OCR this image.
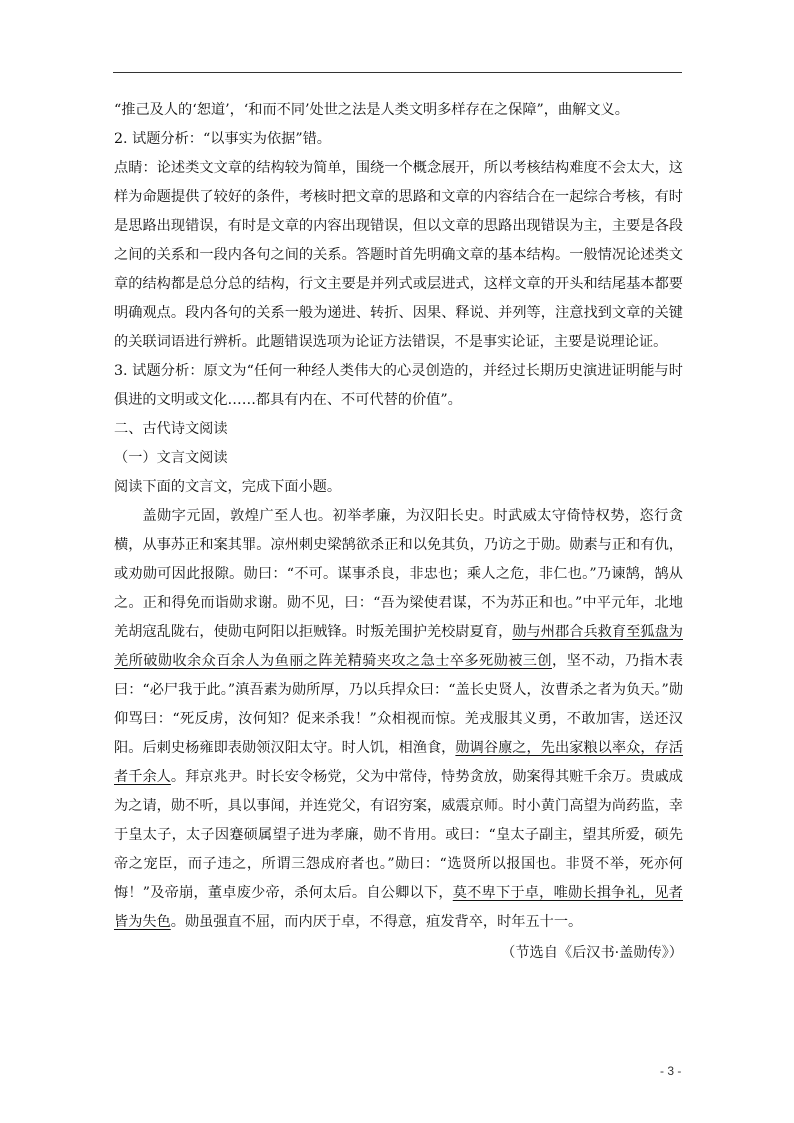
“推己及人的‘恕道’，‘和而不同’处世之法是人类文明多样存在之保障”，曲解文义。

2. 试题分析：“以事实为依据”错。

点睛：论述类文文章的结构较为简单，围绕一个概念展开，所以考核结构难度不会太大，这样为命题提供了较好的条件，考核时把文章的思路和文章的内容结合在一起综合考核，有时是思路出现错误，有时是文章的内容出现错误，但以文章的思路出现错误为主，主要是各段之间的关系和一段内各句之间的关系。答题时首先明确文章的基本结构。一般情况论述类文章的结构都是总分总的结构，行文主要是并列式或层进式，这样文章的开头和结尾基本都要明确观点。段内各句的关系一般为递进、转折、因果、释说、并列等，注意找到文章的关键的关联词语进行辨析。此题错误选项为论证方法错误，不是事实论证，主要是说理论证。

3. 试题分析：原文为“任何一种经人类伟大的心灵创造的，并经过长期历史演进证明能与时俱进的文明或文化……都具有内在、不可代替的价值”。

二、古代诗文阅读

（一）文言文阅读

阅读下面的文言文，完成下面小题。

盖勋字元固，敦煌广至人也。初举孝廉，为汉阳长史。时武威太守倚恃权势，恣行贪横，从事苏正和案其罪。凉州刺史梁鹄欲杀正和以免其负，乃访之于勋。勋素与正和有仇，或劝勋可因此报隙。勋曰：“不可。谋事杀良，非忠也；乘人之危，非仁也。”乃谏鹄，鹄从之。正和得免而诣勋求谢。勋不见，曰：“吾为梁使君谋，不为苏正和也。”中平元年，北地羌胡寇乱陇右，使勋屯阿阳以拒贼锋。时叛羌围护羌校尉夏育，勋与州郡合兵救育至狐盘为羌所破勋收余众百余人为鱼丽之阵羌精骑夹攻之急士卒多死勋被三创，坚不动，乃指木表曰：“必尸我于此。”滇吾素为勋所厚，乃以兵捍众曰：“盖长史贤人，汝曹杀之者为负天。”勋仰骂曰：“死反虏，汝何知？促来杀我！”众相视而惊。羌戎服其义勇，不敢加害，送还汉阳。后刺史杨雍即表勋领汉阳太守。时人饥，相渔食，勋调谷廪之，先出家粮以率众，存活者千余人。拜京兆尹。时长安令杨党，父为中常侍，恃势贪放，勋案得其赃千余万。贵戚成为之请，勋不听，具以事闻，并连党父，有诏穷案，威震京师。时小黄门高望为尚药监，幸于皇太子，太子因蹇硕属望子进为孝廉，勋不肯用。或曰：“皇太子副主，望其所爱，硕先帝之宠臣，而子违之，所谓三怨成府者也。”勋曰：“选贤所以报国也。非贤不举，死亦何悔！”及帝崩，董卓废少帝，杀何太后。自公卿以下，莫不卑下于卓，唯勋长揖争礼，见者皆为失色。勋虽强直不屈，而内厌于卓，不得意，疽发背卒，时年五十一。

（节选自《后汉书·盖勋传》）

- 3 -
